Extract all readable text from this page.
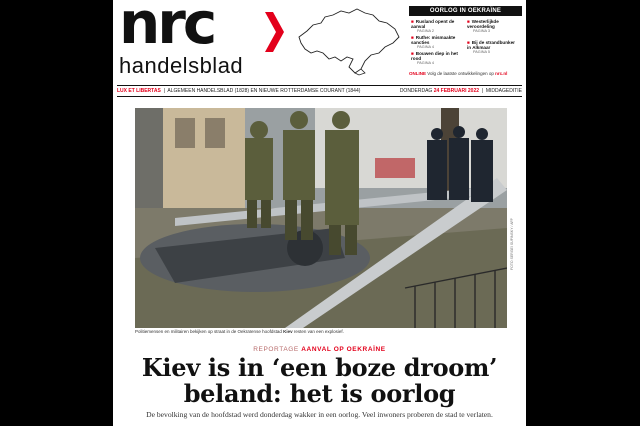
nrc
handelsblad
OORLOG IN OEKRAÏNE
■ Rusland opent de aanval
PAGINA 2
■ Westerlijkde veroordeling
PAGINA 3
■ Ruthe: mismaakte sancties
PAGINA 4
■ Bij de strandbunker in Alkmaar
PAGINA 5
■ Bouwen diep in het rood
PAGINA 4
ONLINE Volg de laatste ontwikkelingen op nrc.nl
LUX ET LIBERTAS  |  ALGEMEEN HANDELSBLAD (1828) EN NIEUWE ROTTERDAMSE COURANT (1844)	DONDERDAG 24 FEBRUARI 2022  |  MIDDAGEDITIE
Politiemensen en militairen bekijken op straat in de Oekraïense hoofdstad Kiev resten van een explosief.
FOTO SERGEI SUPINSKY / AFP
REPORTAGE AANVAL OP OEKRAÏNE
Kiev is in ‘een boze droom’
beland: het is oorlog
De bevolking van de hoofdstad werd donderdag wakker in een oorlog. Veel inwoners proberen de stad te verlaten.
